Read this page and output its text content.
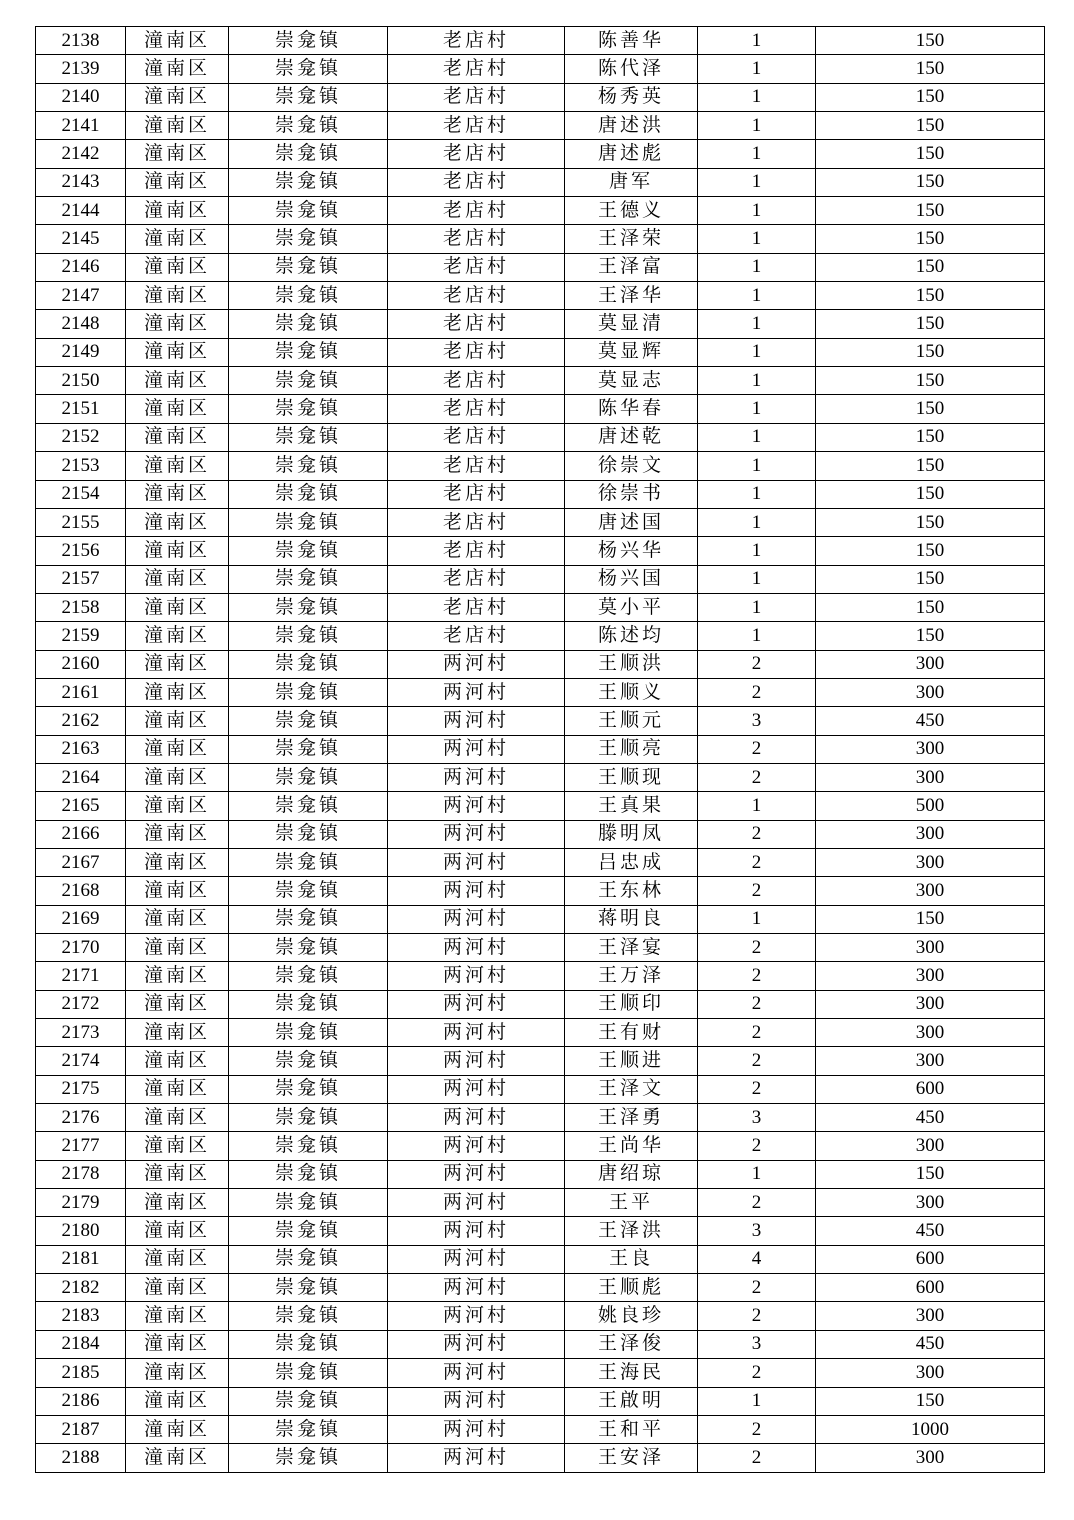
2138	潼南区	崇龛镇	老店村	陈善华	1	150
2139	潼南区	崇龛镇	老店村	陈代泽	1	150
2140	潼南区	崇龛镇	老店村	杨秀英	1	150
2141	潼南区	崇龛镇	老店村	唐述洪	1	150
2142	潼南区	崇龛镇	老店村	唐述彪	1	150
2143	潼南区	崇龛镇	老店村	唐军	1	150
2144	潼南区	崇龛镇	老店村	王德义	1	150
2145	潼南区	崇龛镇	老店村	王泽荣	1	150
2146	潼南区	崇龛镇	老店村	王泽富	1	150
2147	潼南区	崇龛镇	老店村	王泽华	1	150
2148	潼南区	崇龛镇	老店村	莫显清	1	150
2149	潼南区	崇龛镇	老店村	莫显辉	1	150
2150	潼南区	崇龛镇	老店村	莫显志	1	150
2151	潼南区	崇龛镇	老店村	陈华春	1	150
2152	潼南区	崇龛镇	老店村	唐述乾	1	150
2153	潼南区	崇龛镇	老店村	徐崇文	1	150
2154	潼南区	崇龛镇	老店村	徐崇书	1	150
2155	潼南区	崇龛镇	老店村	唐述国	1	150
2156	潼南区	崇龛镇	老店村	杨兴华	1	150
2157	潼南区	崇龛镇	老店村	杨兴国	1	150
2158	潼南区	崇龛镇	老店村	莫小平	1	150
2159	潼南区	崇龛镇	老店村	陈述均	1	150
2160	潼南区	崇龛镇	两河村	王顺洪	2	300
2161	潼南区	崇龛镇	两河村	王顺义	2	300
2162	潼南区	崇龛镇	两河村	王顺元	3	450
2163	潼南区	崇龛镇	两河村	王顺亮	2	300
2164	潼南区	崇龛镇	两河村	王顺现	2	300
2165	潼南区	崇龛镇	两河村	王真果	1	500
2166	潼南区	崇龛镇	两河村	滕明凤	2	300
2167	潼南区	崇龛镇	两河村	吕忠成	2	300
2168	潼南区	崇龛镇	两河村	王东林	2	300
2169	潼南区	崇龛镇	两河村	蒋明良	1	150
2170	潼南区	崇龛镇	两河村	王泽宴	2	300
2171	潼南区	崇龛镇	两河村	王万泽	2	300
2172	潼南区	崇龛镇	两河村	王顺印	2	300
2173	潼南区	崇龛镇	两河村	王有财	2	300
2174	潼南区	崇龛镇	两河村	王顺进	2	300
2175	潼南区	崇龛镇	两河村	王泽文	2	600
2176	潼南区	崇龛镇	两河村	王泽勇	3	450
2177	潼南区	崇龛镇	两河村	王尚华	2	300
2178	潼南区	崇龛镇	两河村	唐绍琼	1	150
2179	潼南区	崇龛镇	两河村	王平	2	300
2180	潼南区	崇龛镇	两河村	王泽洪	3	450
2181	潼南区	崇龛镇	两河村	王良	4	600
2182	潼南区	崇龛镇	两河村	王顺彪	2	600
2183	潼南区	崇龛镇	两河村	姚良珍	2	300
2184	潼南区	崇龛镇	两河村	王泽俊	3	450
2185	潼南区	崇龛镇	两河村	王海民	2	300
2186	潼南区	崇龛镇	两河村	王啟明	1	150
2187	潼南区	崇龛镇	两河村	王和平	2	1000
2188	潼南区	崇龛镇	两河村	王安泽	2	300
